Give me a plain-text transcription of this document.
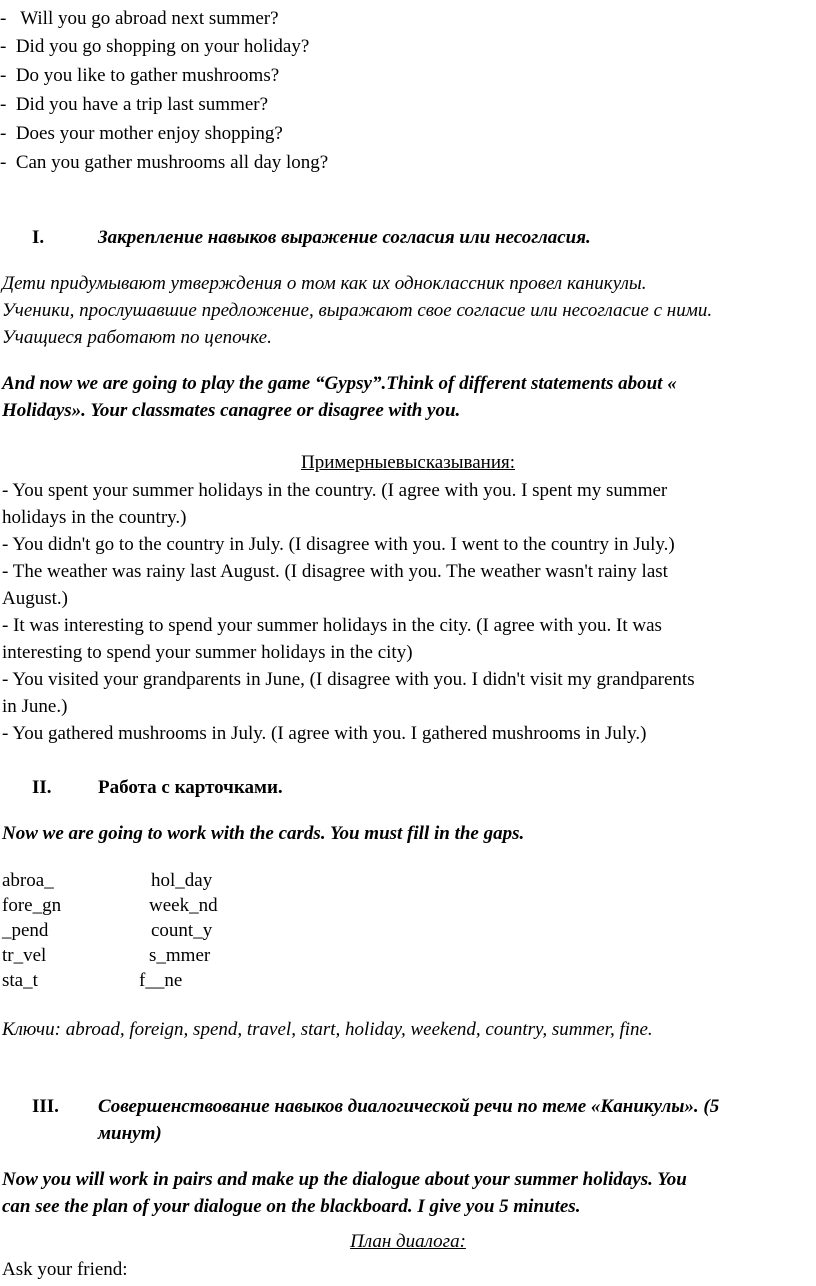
-   Will you go abroad next summer?
-  Did you go shopping on your holiday?
-  Do you like to gather mushrooms?
-  Did you have a trip last summer?
-  Does your mother enjoy shopping?
-  Can you gather mushrooms all day long?
I.	Закрепление навыков выражение согласия или несогласия.
Дети придумывают утверждения о том как их одноклассник провел каникулы.
Ученики, прослушавшие предложение, выражают свое согласие или несогласие с ними.
Учащиеся работают по цепочке.
And now we are going to play the game “Gypsy”.Think of different statements about «
Holidays». Your classmates canagree or disagree with you.
Примерныевысказывания:
- You spent your summer holidays in the country. (I agree with you. I spent my summer
holidays in the country.)
- You didn't go to the country in July. (I disagree with you. I went to the country in July.)
- The weather was rainy last August. (I disagree with you. The weather wasn't rainy last
August.)
- It was interesting to spend your summer holidays in the city. (I agree with you. It was
interesting to spend your summer holidays in the city)
- You visited your grandparents in June, (I disagree with you. I didn't visit my grandparents
in June.)
- You gathered mushrooms in July. (I agree with you. I gathered mushrooms in July.)
II. Работа с карточками.
Now we are going to work with the cards. You must fill in the gaps.
abroa_	hol_day
fore_gn	week_nd
_pend	count_y
tr_vel	s_mmer
sta_t	f__ne
Ключи: abroad, foreign, spend, travel, start, holiday, weekend, country, summer, fine.
III. Совершенствование навыков диалогической речи по теме «Каникулы». (5
минут)
Now you will work in pairs and make up the dialogue about your summer holidays. You
can see the plan of your dialogue on the blackboard. I give you 5 minutes.
План диалога:
Ask your friend:
